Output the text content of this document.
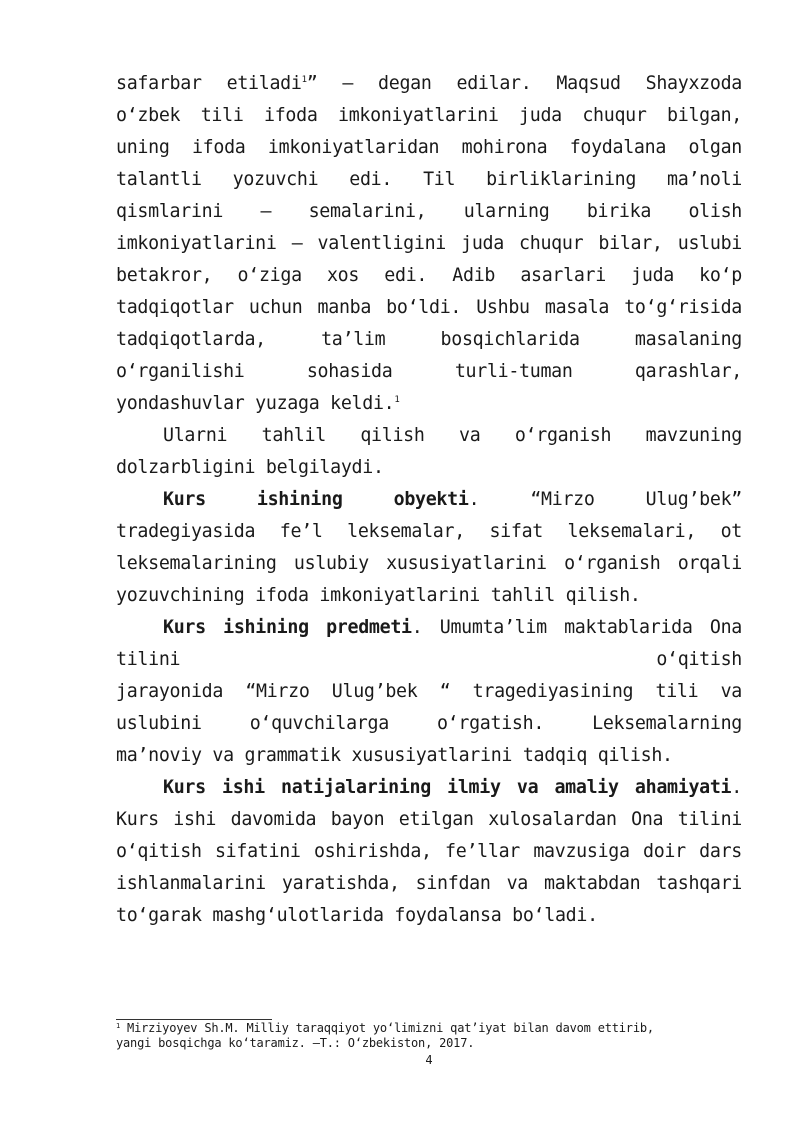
safarbar etiladi$^1$” – degan edilar. Maqsud Shayxzoda
o‘zbek tili ifoda imkoniyatlarini juda chuqur bilgan,
uning ifoda imkoniyatlaridan mohirona foydalana olgan
talantli yozuvchi edi. Til birliklarining ma’noli
qismlarini – semalarini, ularning birika olish
imkoniyatlarini – valentligini juda chuqur bilar, uslubi
betakror, o‘ziga xos edi. Adib asarlari juda ko‘p
tadqiqotlar uchun manba bo‘ldi. Ushbu masala to‘g‘risida
tadqiqotlarda, ta’lim bosqichlarida masalaning
o‘rganilishi sohasida turli-tuman qarashlar,
yondashuvlar yuzaga keldi.$^1$
Ularni tahlil qilish va o‘rganish mavzuning
dolzarbligini belgilaydi.
Kurs ishining obyekti. “Mirzo Ulug’bek”
tradegiyasida fe’l leksemalar, sifat leksemalari, ot
leksemalarining uslubiy xususiyatlarini o‘rganish orqali
yozuvchining ifoda imkoniyatlarini tahlil qilish.
Kurs ishining predmeti. Umumta’lim maktablarida Ona
tilini	o‘qitish
jarayonida “Mirzo Ulug’bek “ tragediyasining tili va
uslubini o‘quvchilarga o‘rgatish. Leksemalarning
ma’noviy va grammatik xususiyatlarini tadqiq qilish.
Kurs ishi natijalarining ilmiy va amaliy ahamiyati.
Kurs ishi davomida bayon etilgan xulosalardan Ona tilini
o‘qitish sifatini oshirishda, fe’llar mavzusiga doir dars
ishlanmalarini yaratishda, sinfdan va maktabdan tashqari
to‘garak mashg‘ulotlarida foydalansa bo‘ladi.
$^1$ Mirziyoyev Sh.M. Milliy taraqqiyot yo‘limizni qat’iyat bilan davom ettirib,
yangi bosqichga ko‘taramiz. –T.: O‘zbekiston, 2017.
4
